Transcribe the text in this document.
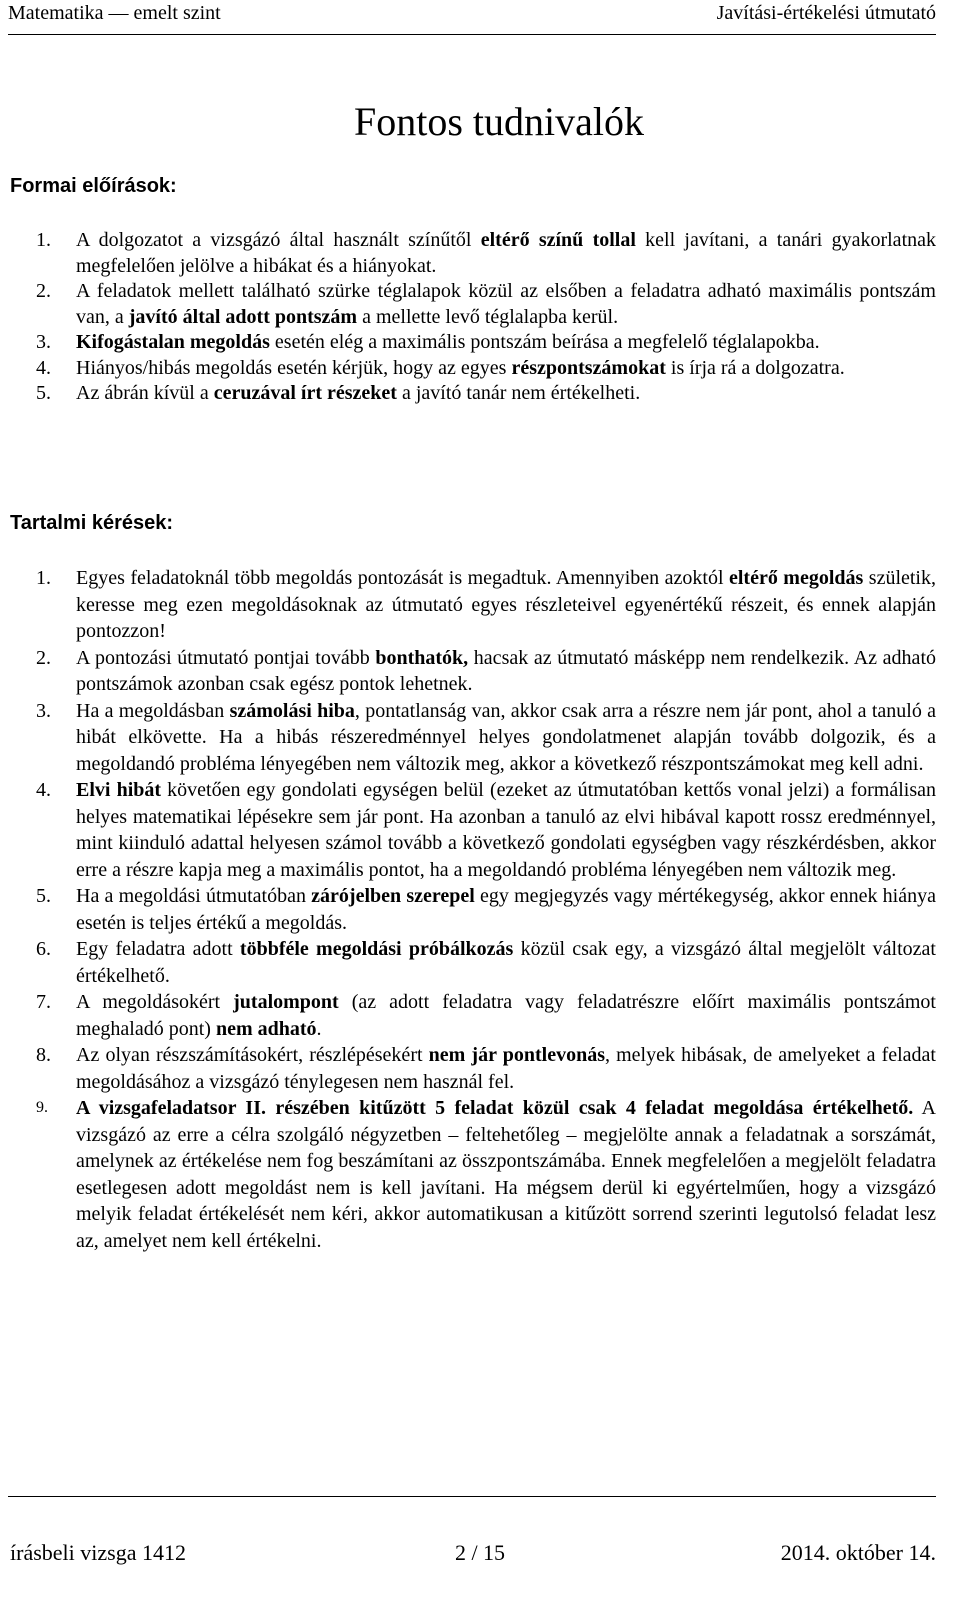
Matematika — emelt szint	Javítási-értékelési útmutató
Fontos tudnivalók
Formai előírások:
1. A dolgozatot a vizsgázó által használt színűtől eltérő színű tollal kell javítani, a tanári gyakorlatnak megfelelően jelölve a hibákat és a hiányokat.
2. A feladatok mellett található szürke téglalapok közül az elsőben a feladatra adható maximális pontszám van, a javító által adott pontszám a mellette levő téglalapba kerül.
3. Kifogástalan megoldás esetén elég a maximális pontszám beírása a megfelelő téglalapokba.
4. Hiányos/hibás megoldás esetén kérjük, hogy az egyes részpontszámokat is írja rá a dolgozatra.
5. Az ábrán kívül a ceruzával írt részeket a javító tanár nem értékelheti.
Tartalmi kérések:
1. Egyes feladatoknál több megoldás pontozását is megadtuk. Amennyiben azoktól eltérő megoldás születik, keresse meg ezen megoldásoknak az útmutató egyes részleteivel egyenértékű részeit, és ennek alapján pontozzon!
2. A pontozási útmutató pontjai tovább bonthatók, hacsak az útmutató másképp nem rendelkezik. Az adható pontszámok azonban csak egész pontok lehetnek.
3. Ha a megoldásban számolási hiba, pontatlanság van, akkor csak arra a részre nem jár pont, ahol a tanuló a hibát elkövette. Ha a hibás részeredménnyel helyes gondolatmenet alapján tovább dolgozik, és a megoldandó probléma lényegében nem változik meg, akkor a következő részpontszámokat meg kell adni.
4. Elvi hibát követően egy gondolati egységen belül (ezeket az útmutatóban kettős vonal jelzi) a formálisan helyes matematikai lépésekre sem jár pont. Ha azonban a tanuló az elvi hibával kapott rossz eredménnyel, mint kiinduló adattal helyesen számol tovább a következő gondolati egységben vagy részkérdésben, akkor erre a részre kapja meg a maximális pontot, ha a megoldandó probléma lényegében nem változik meg.
5. Ha a megoldási útmutatóban zárójelben szerepel egy megjegyzés vagy mértékegység, akkor ennek hiánya esetén is teljes értékű a megoldás.
6. Egy feladatra adott többféle megoldási próbálkozás közül csak egy, a vizsgázó által megjelölt változat értékelhető.
7. A megoldásokért jutalompont (az adott feladatra vagy feladatrészre előírt maximális pontszámot meghaladó pont) nem adható.
8. Az olyan részszámításokért, részlépésekért nem jár pontlevonás, melyek hibásak, de amelyeket a feladat megoldásához a vizsgázó ténylegesen nem használ fel.
9. A vizsgafeladatsor II. részében kitűzött 5 feladat közül csak 4 feladat megoldása értékelhető. A vizsgázó az erre a célra szolgáló négyzetben – feltehetőleg – megjelölte annak a feladatnak a sorszámát, amelynek az értékelése nem fog beszámítani az összpontszámába. Ennek megfelelően a megjelölt feladatra esetlegesen adott megoldást nem is kell javítani. Ha mégsem derül ki egyértelműen, hogy a vizsgázó melyik feladat értékelését nem kéri, akkor automatikusan a kitűzött sorrend szerinti legutolsó feladat lesz az, amelyet nem kell értékelni.
írásbeli vizsga 1412	2 / 15	2014. október 14.
